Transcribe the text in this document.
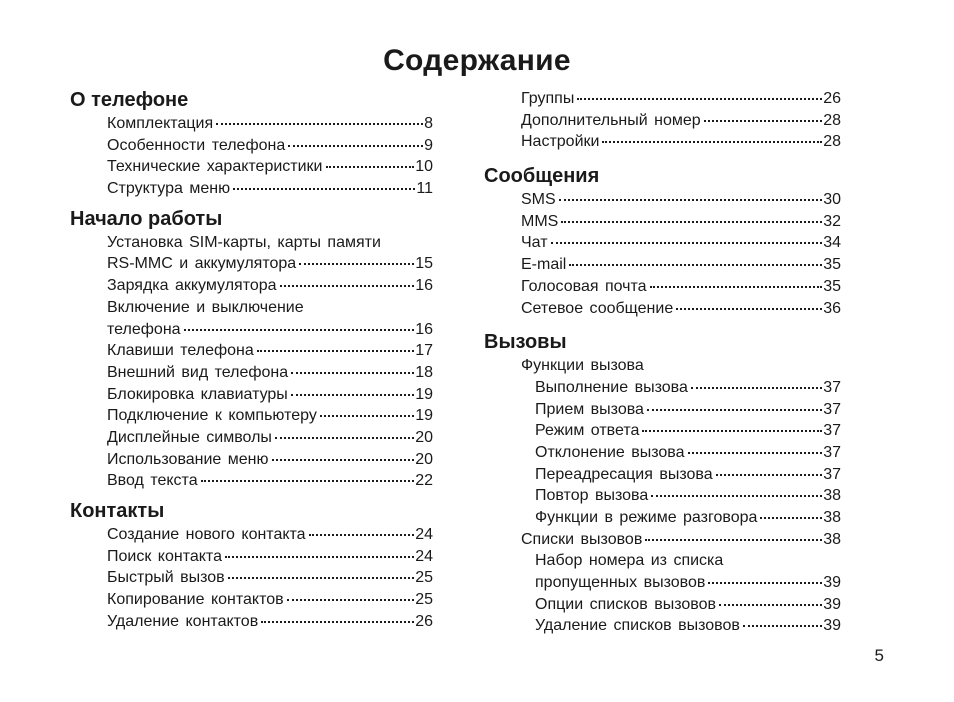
Содержание
О телефоне
Комплектация	8
Особенности телефона	9
Технические характеристики	10
Структура меню	11
Начало работы
Установка SIM-карты, карты памяти
RS-MMC и аккумулятора	15
Зарядка аккумулятора	16
Включение и выключение
телефона	16
Клавиши телефона	17
Внешний вид телефона	18
Блокировка клавиатуры	19
Подключение к компьютеру	19
Дисплейные символы	20
Использование меню	20
Ввод текста	22
Контакты
Создание нового контакта	24
Поиск контакта	24
Быстрый вызов	25
Копирование контактов	25
Удаление контактов	26
Группы	26
Дополнительный номер	28
Настройки	28
Сообщения
SMS	30
MMS	32
Чат	34
E-mail	35
Голосовая почта	35
Сетевое сообщение	36
Вызовы
Функции вызова
Выполнение вызова	37
Прием вызова	37
Режим ответа	37
Отклонение вызова	37
Переадресация вызова	37
Повтор вызова	38
Функции в режиме разговора	38
Списки вызовов	38
Набор номера из списка
пропущенных вызовов	39
Опции списков вызовов	39
Удаление списков вызовов	39
5
